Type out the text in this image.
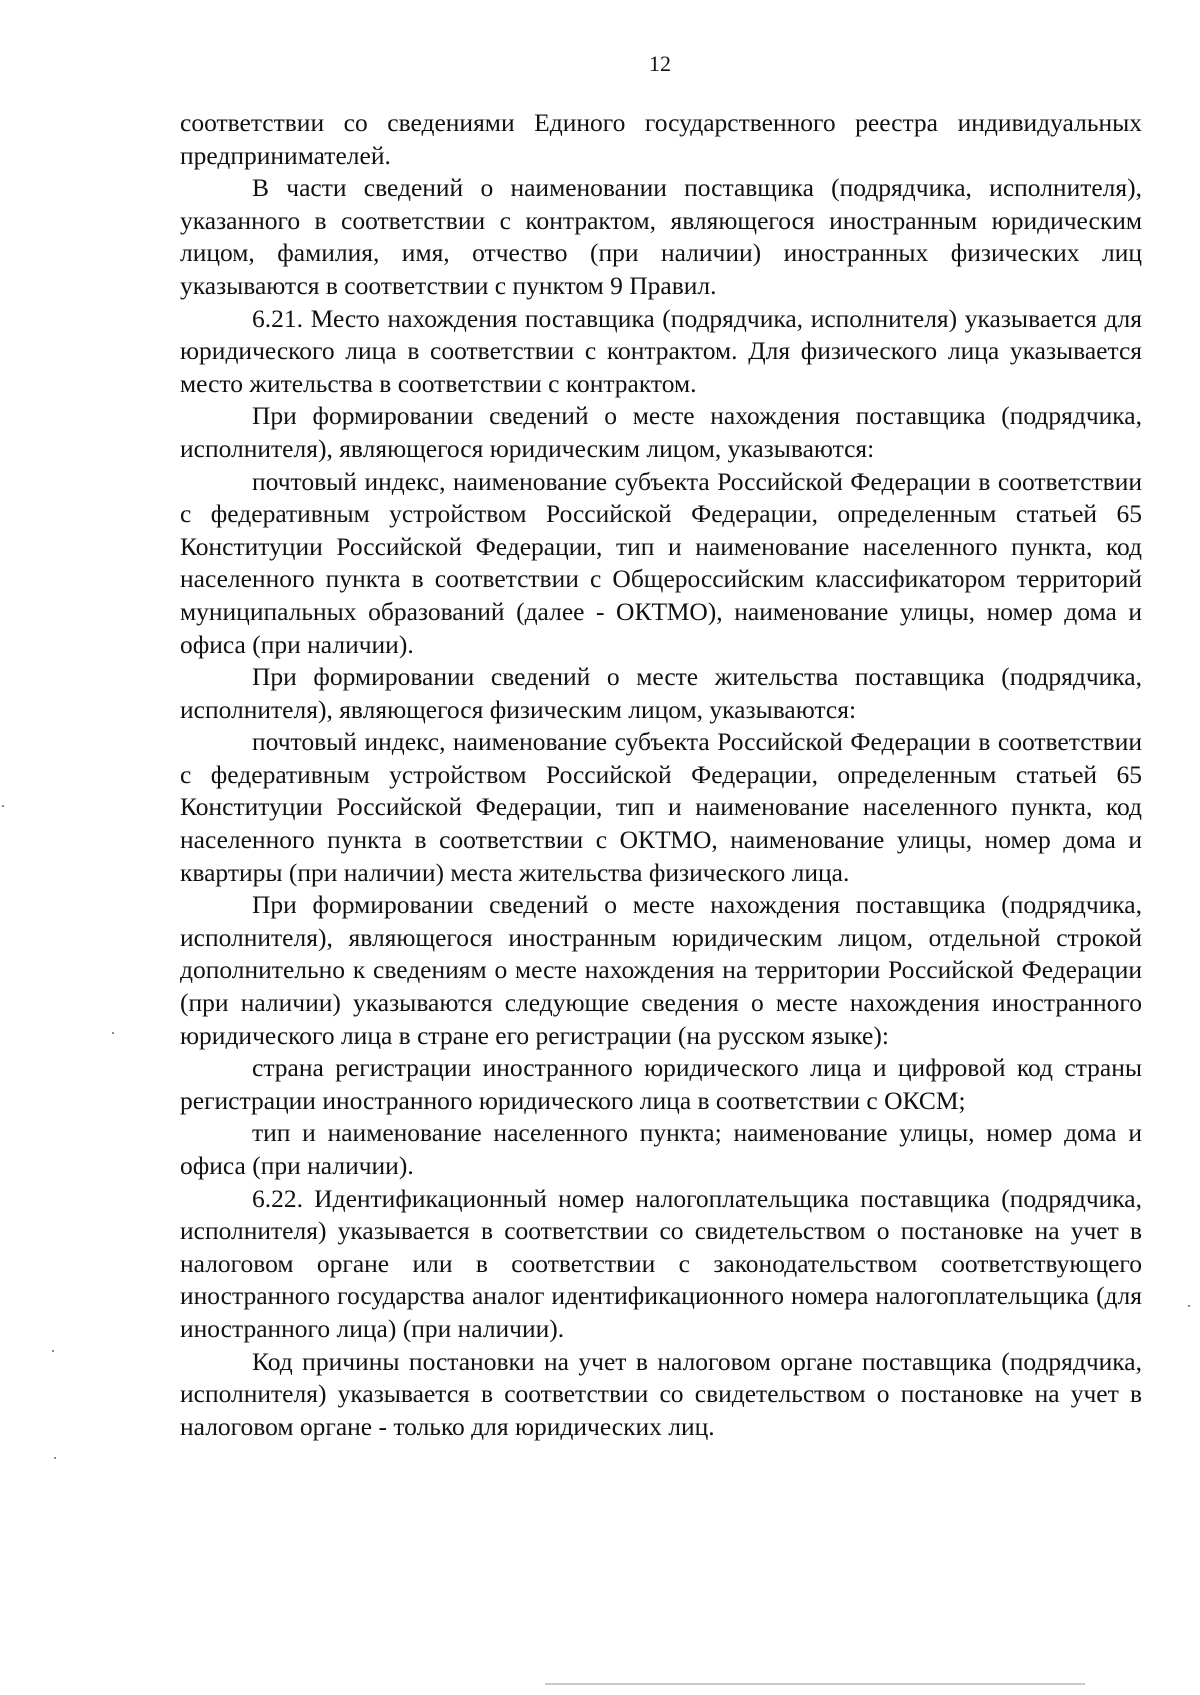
12

соответствии со сведениями Единого государственного реестра индивидуальных предпринимателей.

В части сведений о наименовании поставщика (подрядчика, исполнителя), указанного в соответствии с контрактом, являющегося иностранным юридическим лицом, фамилия, имя, отчество (при наличии) иностранных физических лиц указываются в соответствии с пунктом 9 Правил.

6.21. Место нахождения поставщика (подрядчика, исполнителя) указывается для юридического лица в соответствии с контрактом. Для физического лица указывается место жительства в соответствии с контрактом.

При формировании сведений о месте нахождения поставщика (подрядчика, исполнителя), являющегося юридическим лицом, указываются:

почтовый индекс, наименование субъекта Российской Федерации в соответствии с федеративным устройством Российской Федерации, определенным статьей 65 Конституции Российской Федерации, тип и наименование населенного пункта, код населенного пункта в соответствии с Общероссийским классификатором территорий муниципальных образований (далее - ОКТМО), наименование улицы, номер дома и офиса (при наличии).

При формировании сведений о месте жительства поставщика (подрядчика, исполнителя), являющегося физическим лицом, указываются:

почтовый индекс, наименование субъекта Российской Федерации в соответствии с федеративным устройством Российской Федерации, определенным статьей 65 Конституции Российской Федерации, тип и наименование населенного пункта, код населенного пункта в соответствии с ОКТМО, наименование улицы, номер дома и квартиры (при наличии) места жительства физического лица.

При формировании сведений о месте нахождения поставщика (подрядчика, исполнителя), являющегося иностранным юридическим лицом, отдельной строкой дополнительно к сведениям о месте нахождения на территории Российской Федерации (при наличии) указываются следующие сведения о месте нахождения иностранного юридического лица в стране его регистрации (на русском языке):

страна регистрации иностранного юридического лица и цифровой код страны регистрации иностранного юридического лица в соответствии с ОКСМ;

тип и наименование населенного пункта; наименование улицы, номер дома и офиса (при наличии).

6.22. Идентификационный номер налогоплательщика поставщика (подрядчика, исполнителя) указывается в соответствии со свидетельством о постановке на учет в налоговом органе или в соответствии с законодательством соответствующего иностранного государства аналог идентификационного номера налогоплательщика (для иностранного лица) (при наличии).

Код причины постановки на учет в налоговом органе поставщика (подрядчика, исполнителя) указывается в соответствии со свидетельством о постановке на учет в налоговом органе - только для юридических лиц.
